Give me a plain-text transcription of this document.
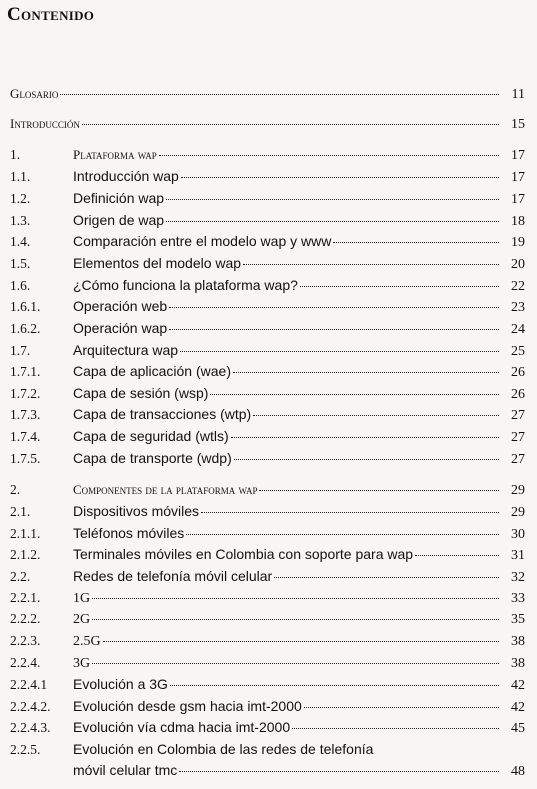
Contenido
Glosario	11
Introducción	15
1.	Plataforma wap	17
1.1.	Introducción wap	17
1.2.	Definición wap	17
1.3.	Origen de wap	18
1.4.	Comparación entre el modelo wap y www	19
1.5.	Elementos del modelo wap	20
1.6.	¿Cómo funciona la plataforma wap?	22
1.6.1.	Operación web	23
1.6.2.	Operación wap	24
1.7.	Arquitectura wap	25
1.7.1.	Capa de aplicación (wae)	26
1.7.2.	Capa de sesión (wsp)	26
1.7.3.	Capa de transacciones (wtp)	27
1.7.4.	Capa de seguridad (wtls)	27
1.7.5.	Capa de transporte (wdp)	27
2.	Componentes de la plataforma wap	29
2.1.	Dispositivos móviles	29
2.1.1.	Teléfonos móviles	30
2.1.2.	Terminales móviles en Colombia con soporte para wap	31
2.2.	Redes de telefonía móvil celular	32
2.2.1.	1G	33
2.2.2.	2G	35
2.2.3.	2.5G	38
2.2.4.	3G	38
2.2.4.1	Evolución a 3G	42
2.2.4.2.	Evolución desde gsm hacia imt-2000	42
2.2.4.3.	Evolución vía cdma hacia imt-2000	45
2.2.5.	Evolución en Colombia de las redes de telefonía
móvil celular tmc	48
